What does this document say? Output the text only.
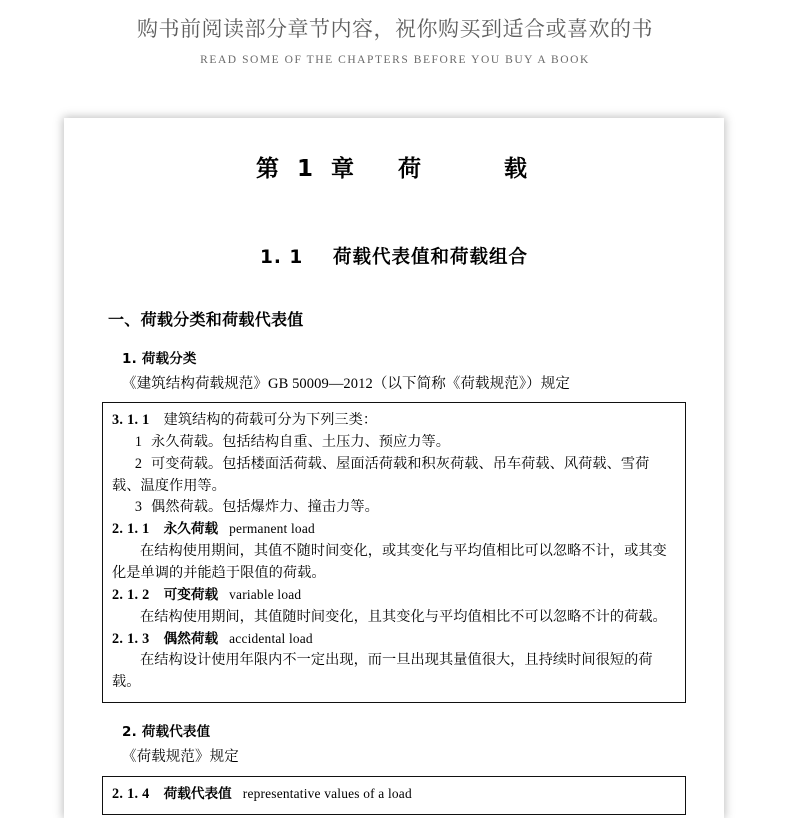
购书前阅读部分章节内容，祝你购买到适合或喜欢的书
READ SOME OF THE CHAPTERS BEFORE YOU BUY A BOOK
第 1 章   荷      载
1. 1    荷载代表值和荷载组合
一、荷载分类和荷载代表值
1. 荷载分类

《建筑结构荷载规范》GB 50009—2012（以下简称《荷载规范》）规定

3. 1. 1 建筑结构的荷载可分为下列三类：

1 永久荷载。包括结构自重、土压力、预应力等。

2 可变荷载。包括楼面活荷载、屋面活荷载和积灰荷载、吊车荷载、风荷载、雪荷载、温度作用等。

3 偶然荷载。包括爆炸力、撞击力等。

2. 1. 1 永久荷载 permanent load

在结构使用期间，其值不随时间变化，或其变化与平均值相比可以忽略不计，或其变化是单调的并能趋于限值的荷载。

2. 1. 2 可变荷载 variable load

在结构使用期间，其值随时间变化，且其变化与平均值相比不可以忽略不计的荷载。

2. 1. 3 偶然荷载 accidental load

在结构设计使用年限内不一定出现，而一旦出现其量值很大，且持续时间很短的荷载。

2. 荷载代表值

《荷载规范》规定

2. 1. 4 荷载代表值 representative values of a load
